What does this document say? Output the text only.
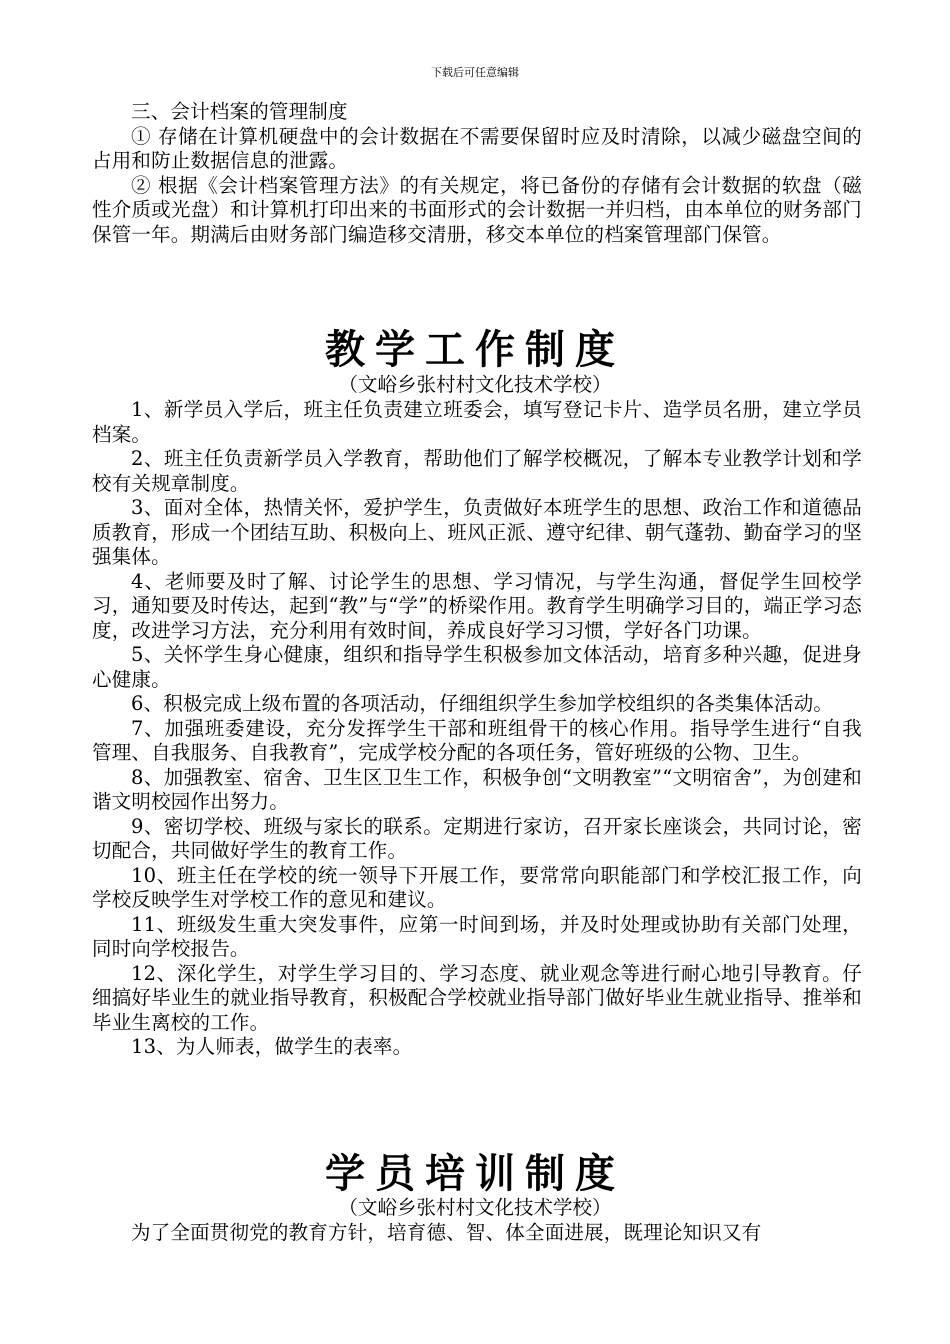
下载后可任意编辑

三、会计档案的管理制度

① 存储在计算机硬盘中的会计数据在不需要保留时应及时清除，以减少磁盘空间的占用和防止数据信息的泄露。

② 根据《会计档案管理方法》的有关规定，将已备份的存储有会计数据的软盘（磁性介质或光盘）和计算机打印出来的书面形式的会计数据一并归档，由本单位的财务部门保管一年。期满后由财务部门编造移交清册，移交本单位的档案管理部门保管。

教学工作制度
（文峪乡张村村文化技术学校）

1、新学员入学后，班主任负责建立班委会，填写登记卡片、造学员名册，建立学员档案。

2、班主任负责新学员入学教育，帮助他们了解学校概况，了解本专业教学计划和学校有关规章制度。

3、面对全体，热情关怀，爱护学生，负责做好本班学生的思想、政治工作和道德品质教育，形成一个团结互助、积极向上、班风正派、遵守纪律、朝气蓬勃、勤奋学习的坚强集体。

4、老师要及时了解、讨论学生的思想、学习情况，与学生沟通，督促学生回校学习，通知要及时传达，起到“教”与“学”的桥梁作用。教育学生明确学习目的，端正学习态度，改进学习方法，充分利用有效时间，养成良好学习习惯，学好各门功课。

5、关怀学生身心健康，组织和指导学生积极参加文体活动，培育多种兴趣，促进身心健康。

6、积极完成上级布置的各项活动，仔细组织学生参加学校组织的各类集体活动。

7、加强班委建设，充分发挥学生干部和班组骨干的核心作用。指导学生进行“自我管理、自我服务、自我教育”，完成学校分配的各项任务，管好班级的公物、卫生。

8、加强教室、宿舍、卫生区卫生工作，积极争创“文明教室”“文明宿舍”，为创建和谐文明校园作出努力。

9、密切学校、班级与家长的联系。定期进行家访，召开家长座谈会，共同讨论，密切配合，共同做好学生的教育工作。

10、班主任在学校的统一领导下开展工作，要常常向职能部门和学校汇报工作，向学校反映学生对学校工作的意见和建议。

11、班级发生重大突发事件，应第一时间到场，并及时处理或协助有关部门处理，同时向学校报告。

12、深化学生，对学生学习目的、学习态度、就业观念等进行耐心地引导教育。仔细搞好毕业生的就业指导教育，积极配合学校就业指导部门做好毕业生就业指导、推举和毕业生离校的工作。

13、为人师表，做学生的表率。

学员培训制度
（文峪乡张村村文化技术学校）

为了全面贯彻党的教育方针，培育德、智、体全面进展，既理论知识又有
